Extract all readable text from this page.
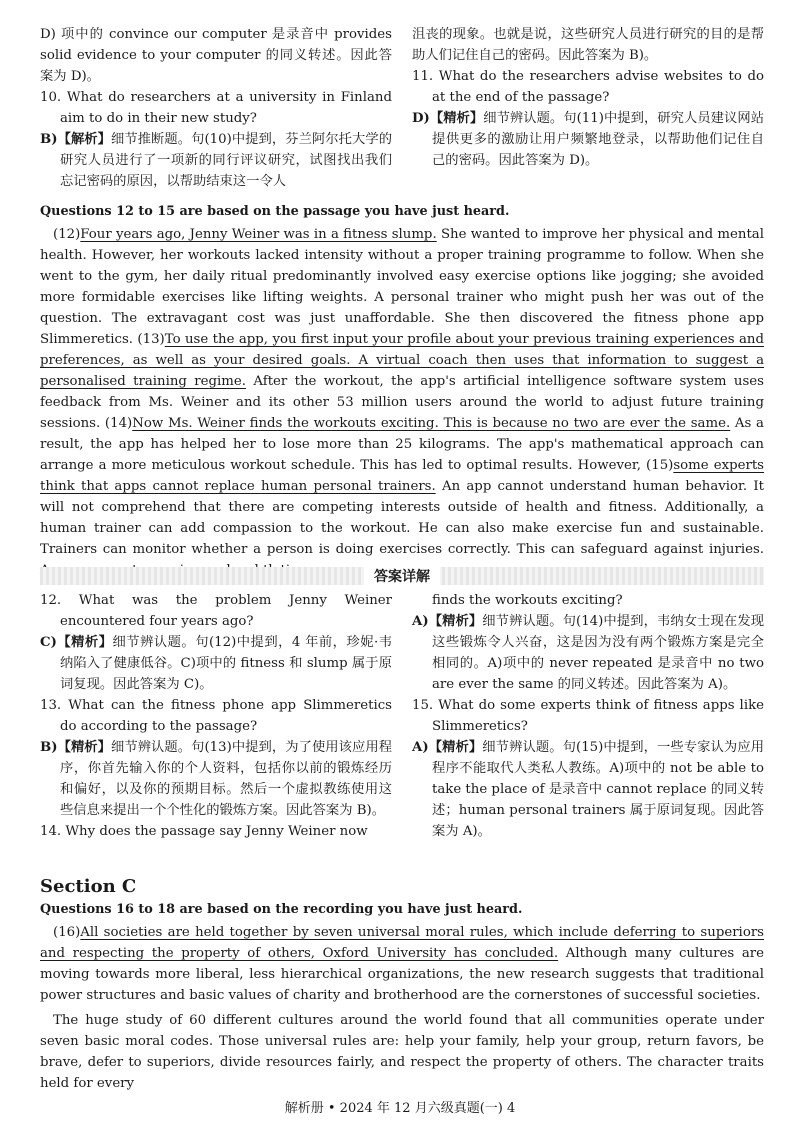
D) 项中的 convince our computer 是录音中 provides solid evidence to your computer 的同义转述。因此答案为 D)。

10. What do researchers at a university in Finland aim to do in their new study?

B)【解析】细节推断题。句(10)中提到，芬兰阿尔托大学的研究人员进行了一项新的同行评议研究，试图找出我们忘记密码的原因，以帮助结束这一令人

沮丧的现象。也就是说，这些研究人员进行研究的目的是帮助人们记住自己的密码。因此答案为 B)。

11. What do the researchers advise websites to do at the end of the passage?

D)【精析】细节辨认题。句(11)中提到，研究人员建议网站提供更多的激励让用户频繁地登录，以帮助他们记住自己的密码。因此答案为 D)。

Questions 12 to 15 are based on the passage you have just heard.

(12)Four years ago, Jenny Weiner was in a fitness slump. She wanted to improve her physical and mental health. However, her workouts lacked intensity without a proper training programme to follow. When she went to the gym, her daily ritual predominantly involved easy exercise options like jogging; she avoided more formidable exercises like lifting weights. A personal trainer who might push her was out of the question. The extravagant cost was just unaffordable. She then discovered the fitness phone app Slimmeretics. (13)To use the app, you first input your profile about your previous training experiences and preferences, as well as your desired goals. A virtual coach then uses that information to suggest a personalised training regime. After the workout, the app's artificial intelligence software system uses feedback from Ms. Weiner and its other 53 million users around the world to adjust future training sessions. (14)Now Ms. Weiner finds the workouts exciting. This is because no two are ever the same. As a result, the app has helped her to lose more than 25 kilograms. The app's mathematical approach can arrange a more meticulous workout schedule. This has led to optimal results. However, (15)some experts think that apps cannot replace human personal trainers. An app cannot understand human behavior. It will not comprehend that there are competing interests outside of health and fitness. Additionally, a human trainer can add compassion to the workout. He can also make exercise fun and sustainable. Trainers can monitor whether a person is doing exercises correctly. This can safeguard against injuries.

答案详解

12. What was the problem Jenny Weiner encountered four years ago?

C)【精析】细节辨认题。句(12)中提到，4 年前，珍妮·韦纳陷入了健康低谷。C)项中的 fitness 和 slump 属于原词复现。因此答案为 C)。

13. What can the fitness phone app Slimmeretics do according to the passage?

B)【精析】细节辨认题。句(13)中提到，为了使用该应用程序，你首先输入你的个人资料，包括你以前的锻炼经历和偏好，以及你的预期目标。然后一个虚拟教练使用这些信息来提出一个个性化的锻炼方案。因此答案为 B)。

14. Why does the passage say Jenny Weiner now

finds the workouts exciting?

A)【精析】细节辨认题。句(14)中提到，韦纳女士现在发现这些锻炼令人兴奋，这是因为没有两个锻炼方案是完全相同的。A)项中的 never repeated 是录音中 no two are ever the same 的同义转述。因此答案为 A)。

15. What do some experts think of fitness apps like Slimmeretics?

A)【精析】细节辨认题。句(15)中提到，一些专家认为应用程序不能取代人类私人教练。A)项中的 not be able to take the place of 是录音中 cannot replace 的同义转述；human personal trainers 属于原词复现。因此答案为 A)。

Section C

Questions 16 to 18 are based on the recording you have just heard.

(16)All societies are held together by seven universal moral rules, which include deferring to superiors and respecting the property of others, Oxford University has concluded. Although many cultures are moving towards more liberal, less hierarchical organizations, the new research suggests that traditional power structures and basic values of charity and brotherhood are the cornerstones of successful societies.

The huge study of 60 different cultures around the world found that all communities operate under seven basic moral codes. Those universal rules are: help your family, help your group, return favors, be brave, defer to superiors, divide resources fairly, and respect the property of others. The character traits held for every

解析册 • 2024 年 12 月六级真题(一) 4
